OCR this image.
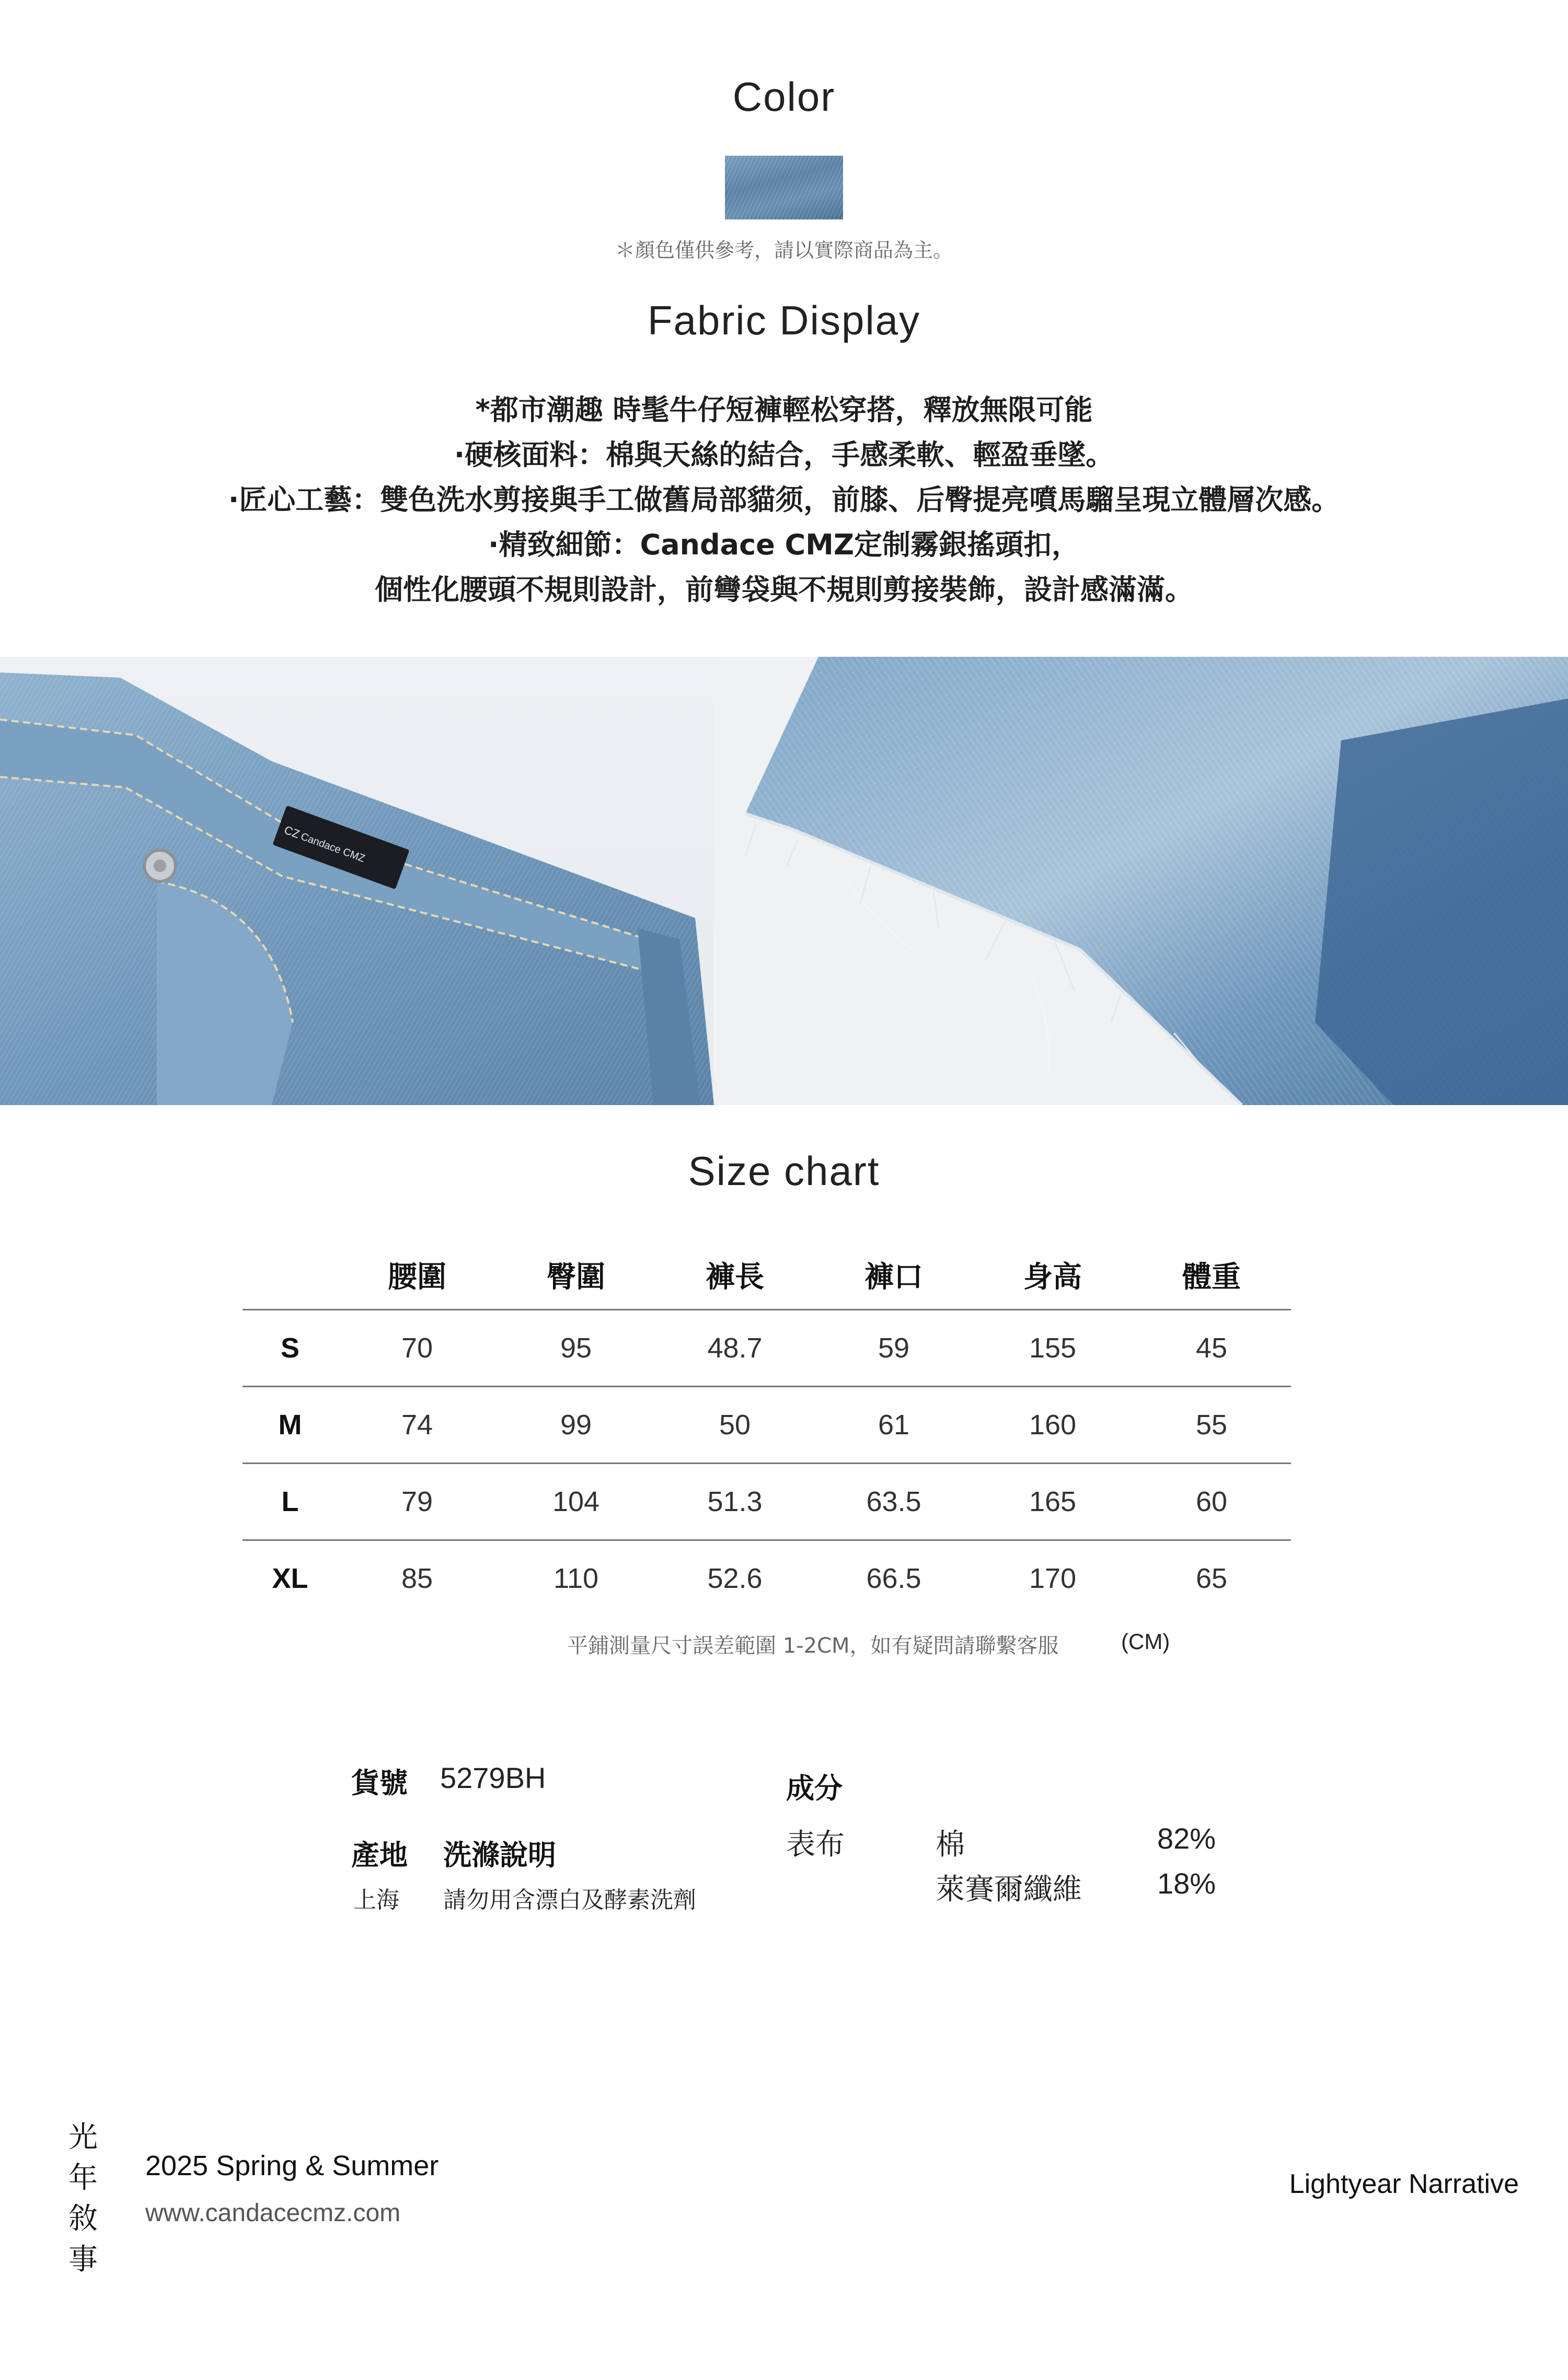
Color
＊顏色僅供參考，請以實際商品為主。
Fabric Display
*都市潮趣 時髦牛仔短褲輕松穿搭，釋放無限可能
·硬核面料：棉與天絲的結合，手感柔軟、輕盈垂墜。
·匠心工藝：雙色洗水剪接與手工做舊局部貓须，前膝、后臀提亮噴馬騮呈現立體層次感。
·精致細節：Candace CMZ定制霧銀搖頭扣，
個性化腰頭不規則設計，前彎袋與不規則剪接裝飾，設計感滿滿。
Candace CMZ
CZ
Size chart
	腰圍	臀圍	褲長	褲口	身高	體重
S	70	95	48.7	59	155	45
M	74	99	50	61	160	55
L	79	104	51.3	63.5	165	60
XL	85	110	52.6	66.5	170	65
平鋪測量尺寸誤差範圍 1-2CM，如有疑問請聯繫客服	(CM)
貨號 5279BH
產地 洗滌說明
上海 請勿用含漂白及酵素洗劑
成分
表布	棉	82%
萊賽爾纖維	18%
光
年
敘
事
2025 Spring & Summer
www.candacecmz.com
Lightyear Narrative
